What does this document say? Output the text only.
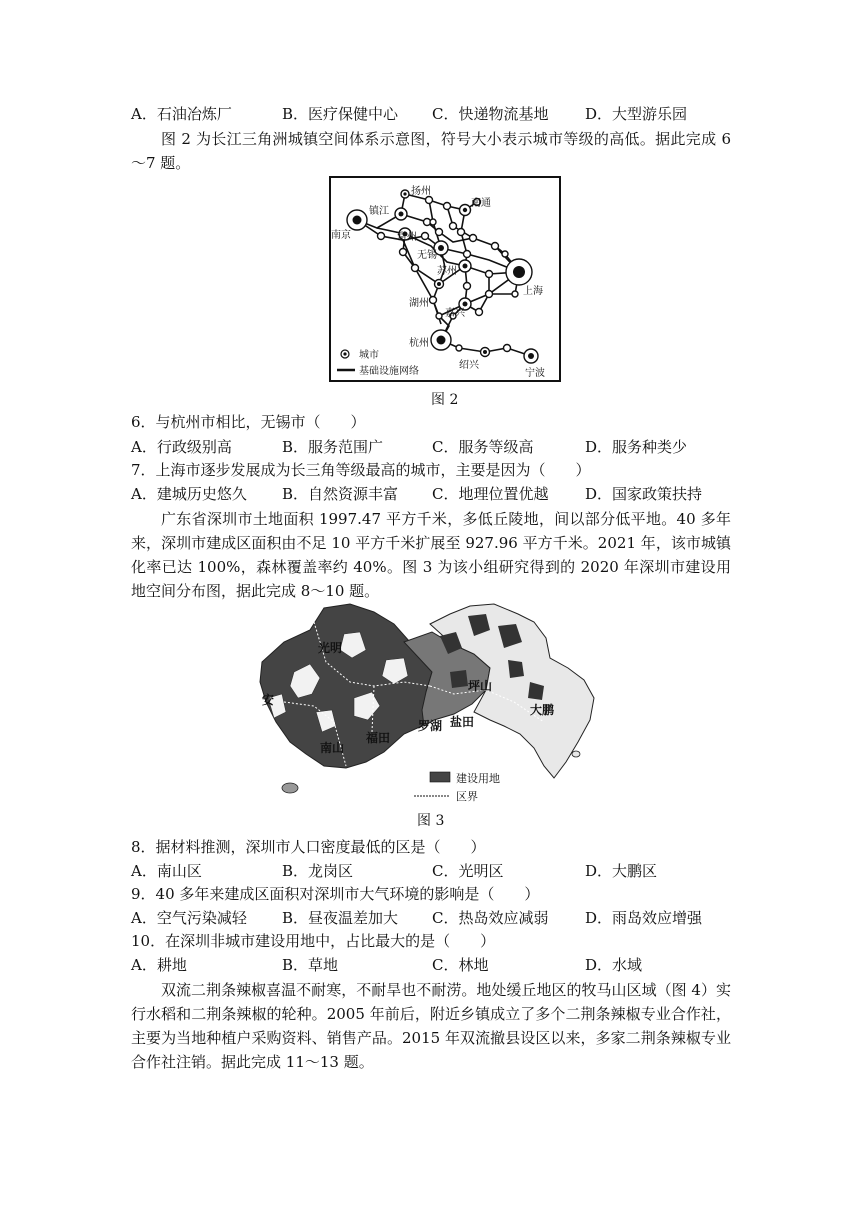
A．石油冶炼厂	B．医疗保健中心 C．快递物流基地 D．大型游乐园
图 2 为长江三角洲城镇空间体系示意图，符号大小表示城市等级的高低。据此完成 6～7 题。
扬州
南通
镇江
南京	常州
无锡
苏州
上海
湖州
嘉兴
杭州
绍兴
宁波
城市
基础设施网络
图 2
6．与杭州市相比，无锡市（　　）
A．行政级别高	B．服务范围广	C．服务等级高	D．服务种类少
7．上海市逐步发展成为长三角等级最高的城市，主要是因为（　　）
A．建城历史悠久 B．自然资源丰富 C．地理位置优越 D．国家政策扶持
广东省深圳市土地面积 1997.47 平方千米，多低丘陵地，间以部分低平地。40 多年来，深圳市建成区面积由不足 10 平方千米扩展至 927.96 平方千米。2021 年，该市城镇化率已达 100%，森林覆盖率约 40%。图 3 为该小组研究得到的 2020 年深圳市建设用地空间分布图，据此完成 8～10 题。
光明
安
南山
福田
罗湖 盐田
坪山
大鹏
建设用地
区界
图 3
8．据材料推测，深圳市人口密度最低的区是（　　）
A．南山区	B．龙岗区	C．光明区	D．大鹏区
9．40 多年来建成区面积对深圳市大气环境的影响是（　　）
A．空气污染减轻 B．昼夜温差加大 C．热岛效应减弱 D．雨岛效应增强
10．在深圳非城市建设用地中，占比最大的是（　　）
A．耕地	B．草地	C．林地	D．水域
双流二荆条辣椒喜温不耐寒，不耐旱也不耐涝。地处缓丘地区的牧马山区域（图 4）实行水稻和二荆条辣椒的轮种。2005 年前后，附近乡镇成立了多个二荆条辣椒专业合作社，主要为当地种植户采购资料、销售产品。2015 年双流撤县设区以来，多家二荆条辣椒专业合作社注销。据此完成 11～13 题。
